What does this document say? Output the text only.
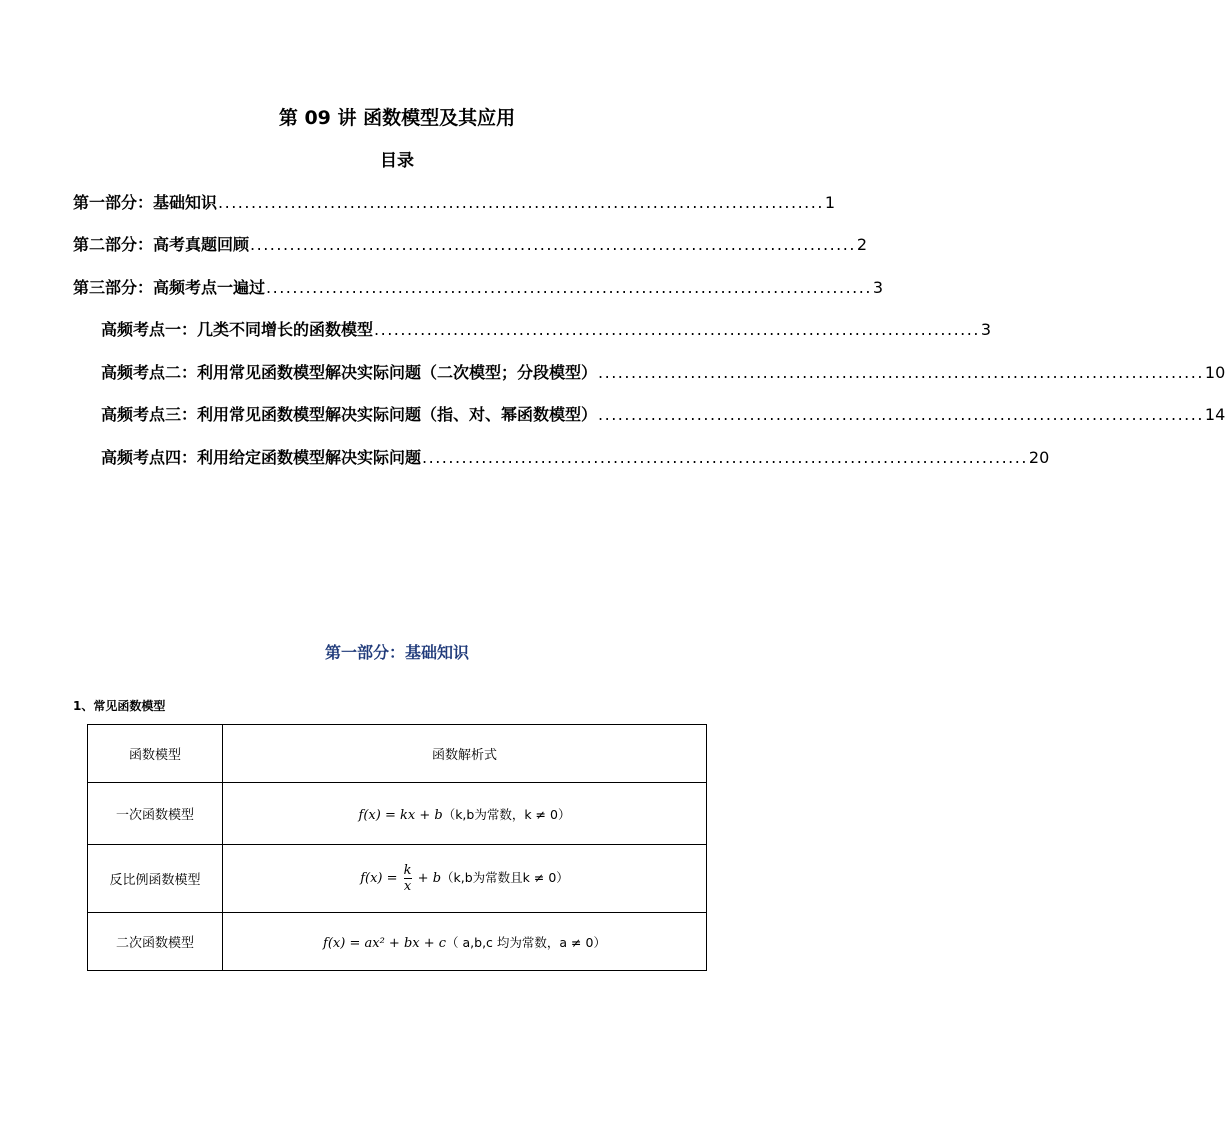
第 09 讲 函数模型及其应用
目录
第一部分：基础知识 ............................................................................................ 1
第二部分：高考真题回顾 ............................................................................................ 2
第三部分：高频考点一遍过 ............................................................................................ 3
高频考点一：几类不同增长的函数模型 ............................................................................................ 3
高频考点二：利用常见函数模型解决实际问题（二次模型；分段模型） ............................................................................................ 10
高频考点三：利用常见函数模型解决实际问题（指、对、幂函数模型） ............................................................................................ 14
高频考点四：利用给定函数模型解决实际问题 ............................................................................................ 20
第一部分：基础知识
1、常见函数模型
函数模型	函数解析式
一次函数模型	f(x) = kx + b（k,b为常数，k ≠ 0）
反比例函数模型	$f(x) = \frac{k}{x} + b(k,b$为常数且k ≠ 0）
二次函数模型	f(x) = ax² + bx + c（ a,b,c 均为常数，a ≠ 0）
